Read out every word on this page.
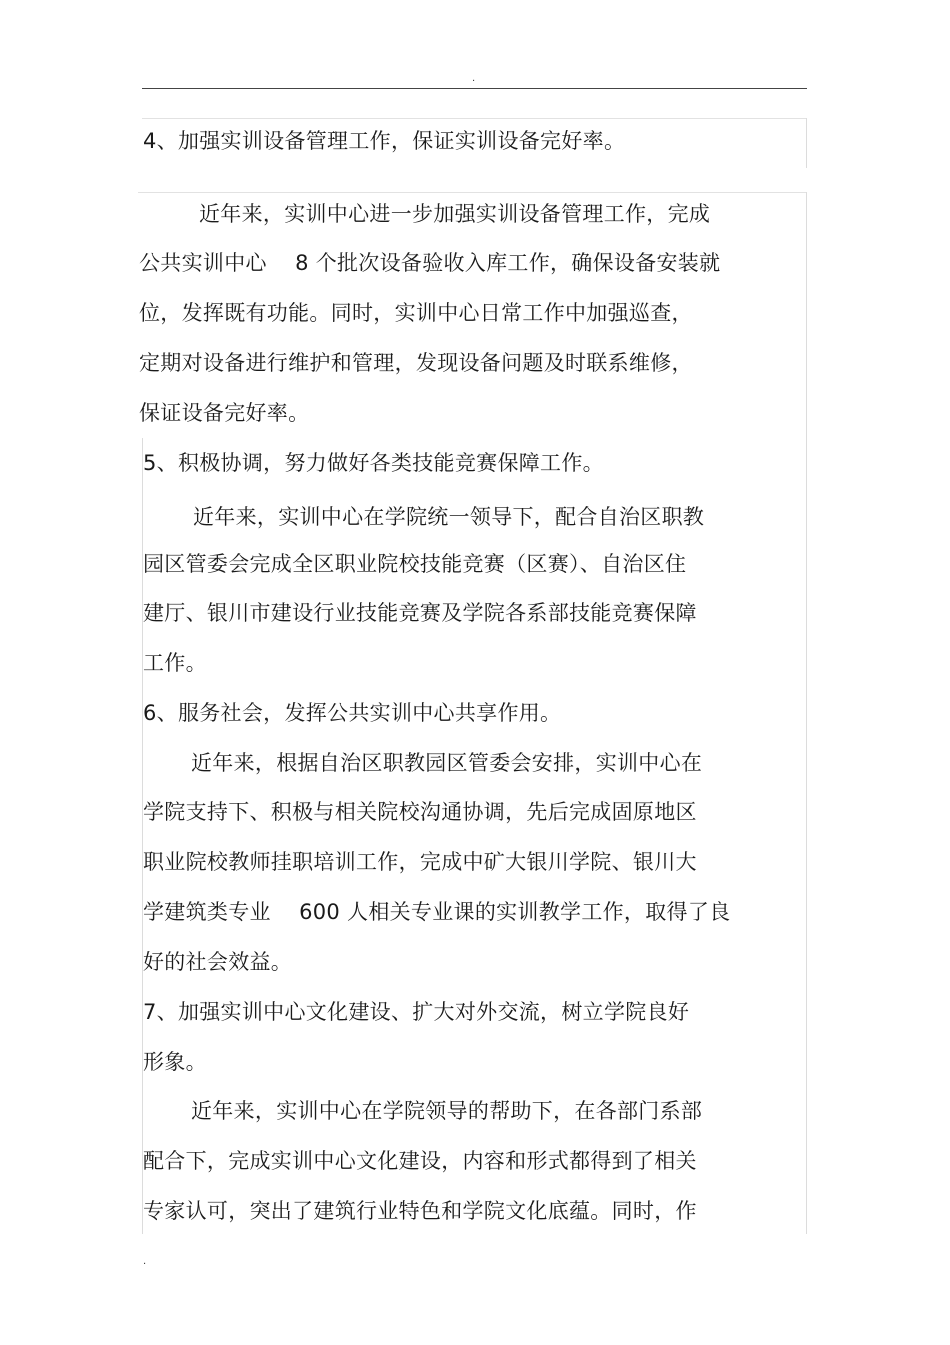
.
4、加强实训设备管理工作，保证实训设备完好率。
近年来，实训中心进一步加强实训设备管理工作，完成
公共实训中心　 8 个批次设备验收入库工作，确保设备安装就
位，发挥既有功能。同时，实训中心日常工作中加强巡查，
定期对设备进行维护和管理，发现设备问题及时联系维修，
保证设备完好率。
5、积极协调，努力做好各类技能竞赛保障工作。
近年来，实训中心在学院统一领导下，配合自治区职教
园区管委会完成全区职业院校技能竞赛（区赛）、自治区住
建厅、银川市建设行业技能竞赛及学院各系部技能竞赛保障
工作。
6、服务社会，发挥公共实训中心共享作用。
近年来，根据自治区职教园区管委会安排，实训中心在
学院支持下、积极与相关院校沟通协调，先后完成固原地区
职业院校教师挂职培训工作，完成中矿大银川学院、银川大
学建筑类专业　 600 人相关专业课的实训教学工作，取得了良
好的社会效益。
7、加强实训中心文化建设、扩大对外交流，树立学院良好
形象。
近年来，实训中心在学院领导的帮助下，在各部门系部
配合下，完成实训中心文化建设，内容和形式都得到了相关
专家认可，突出了建筑行业特色和学院文化底蕴。同时，作
.
